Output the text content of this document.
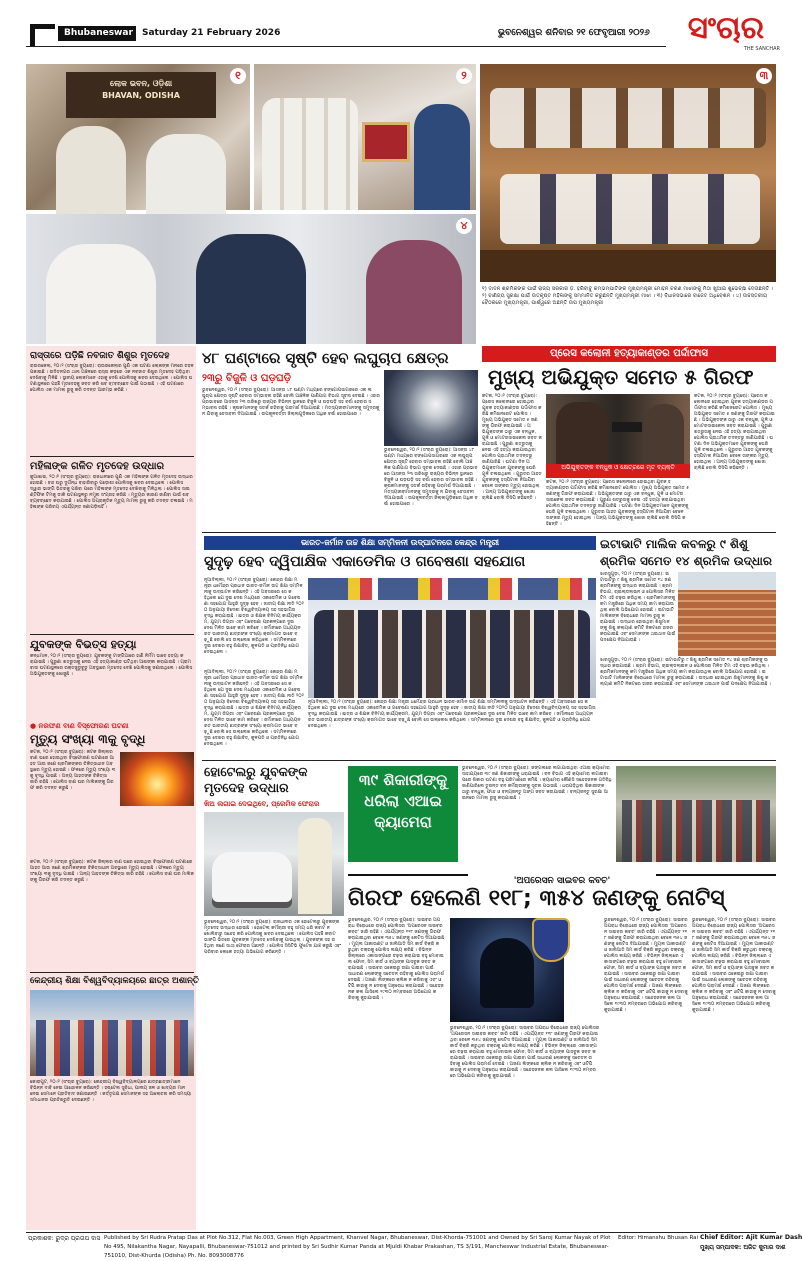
Bhubaneswar	Saturday 21 February 2026	ଭୁବନେଶ୍ୱର ଶନିବାର ୨୧ ଫେବୃଆରୀ ୨୦୨୬	ସଂଚାର
THE SANCHAR
ଲୋକ ଭବନ, ଓଡ଼ିଶା
BHAVAN, ODISHA
୧	୨	୩
୪
୧) ଦାଦନ ଶ୍ରମିକଙ୍କ ପାଇଁ ରାଜ୍ୟ ସରକାର ଡ଼. ହରିବାବୁ କମ୍ଭମ୍ପାତିଙ୍କ ମୁଖ୍ୟମନ୍ତ୍ରୀ ମୋହନ ଚରଣ ମାଝୀଙ୍କୁ ମିଠା ଖୁଆଇ ଶୁଭେଚ୍ଛା ଦେଉଛନ୍ତି । ୨) ବାଣିଜ୍ୟ ସୁରକ୍ଷା ପାଇଁ ଉତ୍କୃଷ୍ଟ ମହିଳାଙ୍କୁ ସମ୍ମାନିତ କରୁଛନ୍ତି ମୁଖ୍ୟମନ୍ତ୍ରୀ ମାଝୀ । ୩) ବିଧାନସଭାରେ ବାଜେଟ ଅଧିବେଶନ । ୪) ଉଚ୍ଚସ୍ତରୀୟ ବୈଠକରେ ମୁଖ୍ୟମନ୍ତ୍ରୀ, ପାର୍ଶ୍ୱରେ ଅଛନ୍ତି ଉପ ମୁଖ୍ୟମନ୍ତ୍ରୀ
ରାସ୍ତାରେ ପଡ଼ିଛି ନବଜାତ ଶିଶୁର ମୃତଦେହ
ରାଉରକେଲା, ୨୦।୨ (ସଂଚାର ବ୍ୟୁରୋ): ରାଉରକେଲାର ପୁଣି ଏକ ଘଟଣା ଲୋକଙ୍କ ମନରେ ଚହଳ ପକାଇଛି । ଉଦିତନଗର ଥାନା ଅଞ୍ଚଳରେ ରାସ୍ତା କଡ଼ରେ ଏକ ନବଜାତ ଶିଶୁର ମୃତଦେହ ପଡ଼ିଥିବା ଦେଖିବାକୁ ମିଳିଛି । ସ୍ଥାନୀୟ ଲୋକମାନେ ଏହାକୁ ଦେଖି ପୋଲିସକୁ ଖବର ଦେଇଥିଲେ । ପୋଲିସ ଘଟଣାସ୍ଥଳରେ ପହଞ୍ଚି ମୃତଦେହକୁ ଜବତ କରି ଶବ ବ୍୯ବଚ୍ଛେଦ ପାଇଁ ପଠାଇଛି । ଏହି ଘଟଣାରେ ପୋଲିସ ଏକ ମାମଲା ରୁଜୁ କରି ତଦନ୍ତ ଆରମ୍ଭ କରିଛି ।
ମହିଳାଙ୍କ ଗଳିତ ମୃତଦେହ ଉଦ୍ଧାର
କୁଆଖାଇ, ୨୦।୨ (ସଂଚାର ବ୍ୟୁରୋ): ରାଜଧାନୀରେ ପୁଣି ଏକ ମହିଳାଙ୍କ ଗଳିତ ମୃତଦେହ ଉଦ୍ଧାର ହୋଇଛି । ବନ୍ଦ ଘରୁ ଦୁର୍ଗନ୍ଧ ବାହାରିବାରୁ ପଡ଼ୋଶୀ ପୋଲିସକୁ ଖବର ଦେଇଥିଲେ । ପୋଲିସ ଦ୍ୱାର ଭାଙ୍ଗି ଭିତରକୁ ପଶିବା ପରେ ମହିଳାଙ୍କ ମୃତଦେହ ଦେଖିବାକୁ ମିଳିଥିଲା । ପୋଲିସ ସାଇଣ୍ଟିଫିକ ଟିମକୁ ଡାକି ଘଟଣାସ୍ଥଳରୁ ନମୁନା ସଂଗ୍ରହ କରିଛି । ମୃତ୍ୟୁର କାରଣ ଜାଣିବା ପାଇଁ ଶବ ବ୍ୟବଚ୍ଛେଦ କରାଯାଇଛି । ପୋଲିସ ଅପ୍ରାକୃତିକ ମୃତ୍ୟୁ ମାମଲା ରୁଜୁ କରି ତଦନ୍ତ ଚଳାଇଛି । ମହିଳାଙ୍କ ପରିଚୟ ଏପର୍ଯ୍ୟନ୍ତ ଜଣାପଡ଼ିନାହିଁ ।
ଯୁବକଙ୍କ ବିଭତ୍ସ ହତ୍ୟା
କନ୍ଧମାଳ, ୨୦।୨ (ସଂଚାର ବ୍ୟୁରୋ): ଯୁବକଙ୍କୁ ଟାଙ୍ଗିଆରେ ହାଣି ନିର୍ମମ ଭାବେ ହତ୍ୟା କରାଯାଇଛି । ପୁରୁଣା ଶତ୍ରୁତାକୁ ନେଇ ଏହି ହତ୍ୟାକାଣ୍ଡ ଘଟିଥିବା ଆଶଙ୍କା କରାଯାଉଛି । ଗ୍ରାମବାସୀ ଘଟଣାସ୍ଥଳରେ ରକ୍ତଜୁଡୁବୁଡୁ ଅବସ୍ଥାରେ ମୃତଦେହ ଦେଖି ପୋଲିସକୁ ଜଣାଇଥିଲେ । ପୋଲିସ ଅଭିଯୁକ୍ତଙ୍କୁ ଖୋଜୁଛି ।
● ନରଫଣ ବାଣ ବିସ୍ଫୋରଣ ଘଟଣା
ମୃତ୍ୟୁ ସଂଖ୍ୟା ୩କୁ ବୃଦ୍ଧି
କଟକ, ୨୦।୨ (ସଂଚାର ବ୍ୟୁରୋ): କଟକ ଜିଲ୍ଲାର ବାଣ ଘରେ ହୋଇଥିବା ବିସ୍ଫୋରଣ ଘଟଣାରେ ଆହତ ଆଉ ଜଣେ ଶ୍ରମିକଙ୍କର ଚିକିତ୍ସାଧୀନ ଅବସ୍ଥାରେ ମୃତ୍ୟୁ ହୋଇଛି । ଫଳରେ ମୃତ୍ୟୁ ସଂଖ୍ୟା ୩କୁ ବୃଦ୍ଧି ପାଇଛି । ଅନ୍ୟ ଆହତଙ୍କ ଚିକିତ୍ସା ଜାରି ରହିଛି । ପୋଲିସ ବାଣ ଘର ମାଲିକଙ୍କୁ ଗିରଫ କରି ତଦନ୍ତ କରୁଛି ।
କଟକ, ୨୦।୨ (ସଂଚାର ବ୍ୟୁରୋ): କଟକ ଜିଲ୍ଲାର ବାଣ ଘରେ ହୋଇଥିବା ବିସ୍ଫୋରଣ ଘଟଣାରେ ଆହତ ଆଉ ଜଣେ ଶ୍ରମିକଙ୍କର ଚିକିତ୍ସାଧୀନ ଅବସ୍ଥାରେ ମୃତ୍ୟୁ ହୋଇଛି । ଫଳରେ ମୃତ୍ୟୁ ସଂଖ୍ୟା ୩କୁ ବୃଦ୍ଧି ପାଇଛି । ଅନ୍ୟ ଆହତଙ୍କ ଚିକିତ୍ସା ଜାରି ରହିଛି । ପୋଲିସ ବାଣ ଘର ମାଲିକଙ୍କୁ ଗିରଫ କରି ତଦନ୍ତ କରୁଛି ।
କେନ୍ଦ୍ରୀୟ ଶିକ୍ଷା ବିଶ୍ୱବିଦ୍ୟାଳୟରେ ଛାତ୍ର ଅଶାନ୍ତି
କୋରାପୁଟ, ୨୦।୨ (ସଂଚାର ବ୍ୟୁରୋ): କେନ୍ଦ୍ରୀୟ ବିଶ୍ୱବିଦ୍ୟାଳୟରେ ଛାତ୍ରଛାତ୍ରୀମାନେ ବିଭିନ୍ନ ଦାବି ନେଇ ଆନ୍ଦୋଳନ କରିଛନ୍ତି । ହଷ୍ଟେଲ ସୁବିଧା, ପାନୀୟ ଜଳ ଓ ଖାଦ୍ୟର ମାନ ନେଇ ସେମାନେ ପ୍ରତିବାଦ ଜଣାଇଛନ୍ତି । କର୍ତ୍ତୃପକ୍ଷ ସେମାନଙ୍କ ସହ ଆଲୋଚନା କରି ସମସ୍ୟା ସମାଧାନର ପ୍ରତିଶ୍ରୁତି ଦେଇଛନ୍ତି ।
୪୮ ଘଣ୍ଟାରେ ସୃଷ୍ଟି ହେବ ଲଘୁଚାପ କ୍ଷେତ୍ର
୨୩ରୁ ବିଜୁଳି ଓ ଘଡ଼ଘଡ଼ି
ଭୁବନେଶ୍ୱର, ୨୦।୨ (ସଂଚାର ବ୍ୟୁରୋ): ଆସନ୍ତା ୪୮ ଘଣ୍ଟା ମଧ୍ୟରେ ବଙ୍ଗୋପସାଗରରେ ଏକ ଲଘୁଚାପ କ୍ଷେତ୍ର ସୃଷ୍ଟି ହେବାର ସମ୍ଭାବନା ରହିଛି ବୋଲି ଆଞ୍ଚଳିକ ପାଣିପାଗ ବିଭାଗ ସୂଚନା ଦେଇଛି । ଏହାର ପ୍ରଭାବରେ ଆସନ୍ତା ୨୩ ତାରିଖରୁ ରାଜ୍ୟର ବିଭିନ୍ନ ସ୍ଥାନରେ ବିଜୁଳି ଓ ଘଡ଼ଘଡ଼ି ସହ ବର୍ଷା ହେବାର ସମ୍ଭାବନା ରହିଛି । କୃଷକମାନଙ୍କୁ ସତର୍କ ରହିବାକୁ ପରାମର୍ଶ ଦିଆଯାଇଛି । ମତ୍ସ୍ୟଜୀବୀମାନଙ୍କୁ ସମୁଦ୍ରକୁ ନ ଯିବାକୁ ଚେତାବନୀ ଦିଆଯାଇଛି । ଉପକୂଳବର୍ତ୍ତୀ ଜିଲ୍ଲାଗୁଡ଼ିକରେ ଅଧିକ ବର୍ଷା ହୋଇପାରେ ।
ଭୁବନେଶ୍ୱର, ୨୦।୨ (ସଂଚାର ବ୍ୟୁରୋ): ଆସନ୍ତା ୪୮ ଘଣ୍ଟା ମଧ୍ୟରେ ବଙ୍ଗୋପସାଗରରେ ଏକ ଲଘୁଚାପ କ୍ଷେତ୍ର ସୃଷ୍ଟି ହେବାର ସମ୍ଭାବନା ରହିଛି ବୋଲି ଆଞ୍ଚଳିକ ପାଣିପାଗ ବିଭାଗ ସୂଚନା ଦେଇଛି । ଏହାର ପ୍ରଭାବରେ ଆସନ୍ତା ୨୩ ତାରିଖରୁ ରାଜ୍ୟର ବିଭିନ୍ନ ସ୍ଥାନରେ ବିଜୁଳି ଓ ଘଡ଼ଘଡ଼ି ସହ ବର୍ଷା ହେବାର ସମ୍ଭାବନା ରହିଛି । କୃଷକମାନଙ୍କୁ ସତର୍କ ରହିବାକୁ ପରାମର୍ଶ ଦିଆଯାଇଛି । ମତ୍ସ୍ୟଜୀବୀମାନଙ୍କୁ ସମୁଦ୍ରକୁ ନ ଯିବାକୁ ଚେତାବନୀ ଦିଆଯାଇଛି । ଉପକୂଳବର୍ତ୍ତୀ ଜିଲ୍ଲାଗୁଡ଼ିକରେ ଅଧିକ ବର୍ଷା ହୋଇପାରେ ।
ପ୍ରେସ କଲୋନୀ ହତ୍ୟାକାଣ୍ଡର ପର୍ଦ୍ଦାଫାସ
ମୁଖ୍ୟ ଅଭିଯୁକ୍ତ ସମେତ ୫ ଗିରଫ
କଟକ, ୨୦।୨ (ସଂଚାର ବ୍ୟୁରୋ): ପ୍ରେସ କଲୋନୀରେ ହୋଇଥିବା ଯୁବକ ହତ୍ୟାକାଣ୍ଡର ପର୍ଦ୍ଦାଫାସ କରିଛି କମିଶନରେଟ ପୋଲିସ । ମୁଖ୍ୟ ଅଭିଯୁକ୍ତ ସମେତ ୫ ଜଣଙ୍କୁ ଗିରଫ କରାଯାଇଛି । ଅଭିଯୁକ୍ତଙ୍କ ଠାରୁ ଏକ ବନ୍ଧୁକ, ଗୁଳି ଓ ମୋଟରସାଇକେଲ ଜବତ କରାଯାଇଛି । ପୁରୁଣା ଶତ୍ରୁତାକୁ ନେଇ ଏହି ହତ୍ୟା କରାଯାଇଥିବା ପୋଲିସ ପ୍ରାଥମିକ ତଦନ୍ତରୁ ଜାଣିପାରିଛି । ଘଟଣା ଦିନ ଅଭିଯୁକ୍ତମାନେ ଯୁବକଙ୍କୁ ଘେରି ଗୁଳି ଚଳାଇଥିଲେ । ଗୁରୁତର ଆହତ ଯୁବକଙ୍କୁ ହସ୍ପିଟାଲ ନିଆଯିବା ବେଳେ ତାଙ୍କର ମୃତ୍ୟୁ ହୋଇଥିଲା । ଅନ୍ୟ ଅଭିଯୁକ୍ତଙ୍କୁ ଖୋଜା ଚାଲିଛି ବୋଲି ଡିସିପି କହିଛନ୍ତି ।
ଅଭିଯୁକ୍ତଙ୍କ ବନ୍ଧୁକ ଓ କ୍ଷେତ୍ରରେ ମୃତ ବ୍ୟକ୍ତି
କଟକ, ୨୦।୨ (ସଂଚାର ବ୍ୟୁରୋ): ପ୍ରେସ କଲୋନୀରେ ହୋଇଥିବା ଯୁବକ ହତ୍ୟାକାଣ୍ଡର ପର୍ଦ୍ଦାଫାସ କରିଛି କମିଶନରେଟ ପୋଲିସ । ମୁଖ୍ୟ ଅଭିଯୁକ୍ତ ସମେତ ୫ ଜଣଙ୍କୁ ଗିରଫ କରାଯାଇଛି । ଅଭିଯୁକ୍ତଙ୍କ ଠାରୁ ଏକ ବନ୍ଧୁକ, ଗୁଳି ଓ ମୋଟରସାଇକେଲ ଜବତ କରାଯାଇଛି । ପୁରୁଣା ଶତ୍ରୁତାକୁ ନେଇ ଏହି ହତ୍ୟା କରାଯାଇଥିବା ପୋଲିସ ପ୍ରାଥମିକ ତଦନ୍ତରୁ ଜାଣିପାରିଛି । ଘଟଣା ଦିନ ଅଭିଯୁକ୍ତମାନେ ଯୁବକଙ୍କୁ ଘେରି ଗୁଳି ଚଳାଇଥିଲେ । ଗୁରୁତର ଆହତ ଯୁବକଙ୍କୁ ହସ୍ପିଟାଲ ନିଆଯିବା ବେଳେ ତାଙ୍କର ମୃତ୍ୟୁ ହୋଇଥିଲା । ଅନ୍ୟ ଅଭିଯୁକ୍ତଙ୍କୁ ଖୋଜା ଚାଲିଛି ବୋଲି ଡିସିପି କହିଛନ୍ତି ।
କଟକ, ୨୦।୨ (ସଂଚାର ବ୍ୟୁରୋ): ପ୍ରେସ କଲୋନୀରେ ହୋଇଥିବା ଯୁବକ ହତ୍ୟାକାଣ୍ଡର ପର୍ଦ୍ଦାଫାସ କରିଛି କମିଶନରେଟ ପୋଲିସ । ମୁଖ୍ୟ ଅଭିଯୁକ୍ତ ସମେତ ୫ ଜଣଙ୍କୁ ଗିରଫ କରାଯାଇଛି । ଅଭିଯୁକ୍ତଙ୍କ ଠାରୁ ଏକ ବନ୍ଧୁକ, ଗୁଳି ଓ ମୋଟରସାଇକେଲ ଜବତ କରାଯାଇଛି । ପୁରୁଣା ଶତ୍ରୁତାକୁ ନେଇ ଏହି ହତ୍ୟା କରାଯାଇଥିବା ପୋଲିସ ପ୍ରାଥମିକ ତଦନ୍ତରୁ ଜାଣିପାରିଛି । ଘଟଣା ଦିନ ଅଭିଯୁକ୍ତମାନେ ଯୁବକଙ୍କୁ ଘେରି ଗୁଳି ଚଳାଇଥିଲେ । ଗୁରୁତର ଆହତ ଯୁବକଙ୍କୁ ହସ୍ପିଟାଲ ନିଆଯିବା ବେଳେ ତାଙ୍କର ମୃତ୍ୟୁ ହୋଇଥିଲା । ଅନ୍ୟ ଅଭିଯୁକ୍ତଙ୍କୁ ଖୋଜା ଚାଲିଛି ବୋଲି ଡିସିପି କହିଛନ୍ତି ।
ଭାରତ-ଜର୍ମାନ ଉଚ୍ଚ ଶିକ୍ଷା ସମ୍ମିଳନୀ ଉଦ୍‌ଘାଟନରେ କେନ୍ଦ୍ର ମନ୍ତ୍ରୀ
ସୁଦୃଢ଼ ହେବ ଦ୍ୱିପାକ୍ଷିକ ଏକାଡେମିକ ଓ ଗବେଷଣା ସହଯୋଗ
ନୂଆଦିଲ୍ଲୀ, ୨୦।୨ (ସଂଚାର ବ୍ୟୁରୋ): କେନ୍ଦ୍ର ଶିକ୍ଷା ମନ୍ତ୍ରୀ ଧର୍ମେନ୍ଦ୍ର ପ୍ରଧାନ ଭାରତ-ଜର୍ମାନ ଉଚ୍ଚ ଶିକ୍ଷା ସମ୍ମିଳନୀକୁ ଉଦ୍‌ଘାଟନ କରିଛନ୍ତି । ଏହି ଅବସରରେ ସେ କହିଥିଲେ ଯେ ଦୁଇ ଦେଶ ମଧ୍ୟରେ ଏକାଡେମିକ ଓ ଗବେଷଣା ସହଯୋଗ ଆହୁରି ସୁଦୃଢ଼ ହେବ । ଜାତୀୟ ଶିକ୍ଷା ନୀତି ୨୦୨୦ ଅନୁଯାୟୀ ବିଦେଶୀ ବିଶ୍ୱବିଦ୍ୟାଳୟ ସହ ସହଭାଗିତା ବୃଦ୍ଧି କରାଯାଉଛି । ଛାତ୍ର ଓ ଶିକ୍ଷକ ବିନିମୟ କାର୍ଯ୍ୟକ୍ରମ, ଯୁଗ୍ମ ଡିଗ୍ରୀ ଏବଂ ଗବେଷଣା ପ୍ରକଳ୍ପରେ ଦୁଇ ଦେଶ ମିଳିତ ଭାବେ କାମ କରିବେ । ଜର୍ମାନୀରେ ଅଧ୍ୟୟନରତ ଭାରତୀୟ ଛାତ୍ରଙ୍କ ସଂଖ୍ୟା କ୍ରମାଗତ ଭାବେ ବଢ଼ୁଛି ବୋଲି ସେ ଉଲ୍ଲେଖ କରିଥିଲେ । ସମ୍ମିଳନୀରେ ଦୁଇ ଦେଶର ବହୁ ଶିକ୍ଷାବିତ୍, କୁଳପତି ଓ ପ୍ରତିନିଧି ଯୋଗ ଦେଇଥିଲେ ।
ନୂଆଦିଲ୍ଲୀ, ୨୦।୨ (ସଂଚାର ବ୍ୟୁରୋ): କେନ୍ଦ୍ର ଶିକ୍ଷା ମନ୍ତ୍ରୀ ଧର୍ମେନ୍ଦ୍ର ପ୍ରଧାନ ଭାରତ-ଜର୍ମାନ ଉଚ୍ଚ ଶିକ୍ଷା ସମ୍ମିଳନୀକୁ ଉଦ୍‌ଘାଟନ କରିଛନ୍ତି । ଏହି ଅବସରରେ ସେ କହିଥିଲେ ଯେ ଦୁଇ ଦେଶ ମଧ୍ୟରେ ଏକାଡେମିକ ଓ ଗବେଷଣା ସହଯୋଗ ଆହୁରି ସୁଦୃଢ଼ ହେବ । ଜାତୀୟ ଶିକ୍ଷା ନୀତି ୨୦୨୦ ଅନୁଯାୟୀ ବିଦେଶୀ ବିଶ୍ୱବିଦ୍ୟାଳୟ ସହ ସହଭାଗିତା ବୃଦ୍ଧି କରାଯାଉଛି । ଛାତ୍ର ଓ ଶିକ୍ଷକ ବିନିମୟ କାର୍ଯ୍ୟକ୍ରମ, ଯୁଗ୍ମ ଡିଗ୍ରୀ ଏବଂ ଗବେଷଣା ପ୍ରକଳ୍ପରେ ଦୁଇ ଦେଶ ମିଳିତ ଭାବେ କାମ କରିବେ । ଜର୍ମାନୀରେ ଅଧ୍ୟୟନରତ ଭାରତୀୟ ଛାତ୍ରଙ୍କ ସଂଖ୍ୟା କ୍ରମାଗତ ଭାବେ ବଢ଼ୁଛି ବୋଲି ସେ ଉଲ୍ଲେଖ କରିଥିଲେ । ସମ୍ମିଳନୀରେ ଦୁଇ ଦେଶର ବହୁ ଶିକ୍ଷାବିତ୍, କୁଳପତି ଓ ପ୍ରତିନିଧି ଯୋଗ ଦେଇଥିଲେ ।
ନୂଆଦିଲ୍ଲୀ, ୨୦।୨ (ସଂଚାର ବ୍ୟୁରୋ): କେନ୍ଦ୍ର ଶିକ୍ଷା ମନ୍ତ୍ରୀ ଧର୍ମେନ୍ଦ୍ର ପ୍ରଧାନ ଭାରତ-ଜର୍ମାନ ଉଚ୍ଚ ଶିକ୍ଷା ସମ୍ମିଳନୀକୁ ଉଦ୍‌ଘାଟନ କରିଛନ୍ତି । ଏହି ଅବସରରେ ସେ କହିଥିଲେ ଯେ ଦୁଇ ଦେଶ ମଧ୍ୟରେ ଏକାଡେମିକ ଓ ଗବେଷଣା ସହଯୋଗ ଆହୁରି ସୁଦୃଢ଼ ହେବ । ଜାତୀୟ ଶିକ୍ଷା ନୀତି ୨୦୨୦ ଅନୁଯାୟୀ ବିଦେଶୀ ବିଶ୍ୱବିଦ୍ୟାଳୟ ସହ ସହଭାଗିତା ବୃଦ୍ଧି କରାଯାଉଛି । ଛାତ୍ର ଓ ଶିକ୍ଷକ ବିନିମୟ କାର୍ଯ୍ୟକ୍ରମ, ଯୁଗ୍ମ ଡିଗ୍ରୀ ଏବଂ ଗବେଷଣା ପ୍ରକଳ୍ପରେ ଦୁଇ ଦେଶ ମିଳିତ ଭାବେ କାମ କରିବେ । ଜର୍ମାନୀରେ ଅଧ୍ୟୟନରତ ଭାରତୀୟ ଛାତ୍ରଙ୍କ ସଂଖ୍ୟା କ୍ରମାଗତ ଭାବେ ବଢ଼ୁଛି ବୋଲି ସେ ଉଲ୍ଲେଖ କରିଥିଲେ । ସମ୍ମିଳନୀରେ ଦୁଇ ଦେଶର ବହୁ ଶିକ୍ଷାବିତ୍, କୁଳପତି ଓ ପ୍ରତିନିଧି ଯୋଗ ଦେଇଥିଲେ ।
ଇଟାଭାଟି ମାଲିକ କବଳରୁ ୯ ଶିଶୁ
ଶ୍ରମିକ ସମେତ ୧୪ ଶ୍ରମିକ ଉଦ୍ଧାର
ଝାରସୁଗୁଡ଼ା, ୨୦।୨ (ସଂଚାର ବ୍ୟୁରୋ): ଇଟାଭାଟିରୁ ୯ ଶିଶୁ ଶ୍ରମିକ ସମେତ ୧୪ ଜଣ ଶ୍ରମିକଙ୍କୁ ଉଦ୍ଧାର କରାଯାଇଛି । ଶ୍ରମ ବିଭାଗ, ଚାଇଲ୍ଡଲାଇନ ଓ ପୋଲିସର ମିଳିତ ଟିମ ଏହି ଚଢ଼ଉ କରିଥିଲା । ଶ୍ରମିକମାନଙ୍କୁ କମ ମଜୁରିରେ ଅଧିକ ସମୟ କାମ କରାଯାଉଥିଲା ବୋଲି ଅଭିଯୋଗ ହୋଇଛି । ଇଟାଭାଟି ମାଲିକଙ୍କ ବିରୋଧରେ ମାମଲା ରୁଜୁ କରାଯାଇଛି । ଉଦ୍ଧାର ହୋଇଥିବା ଶିଶୁମାନଙ୍କୁ ଶିଶୁ କଲ୍ୟାଣ କମିଟି ନିକଟରେ ହାଜର କରାଯାଇଛି ଏବଂ ସେମାନଙ୍କ ଥଇଥାନ ପାଇଁ ପଦକ୍ଷେପ ନିଆଯାଉଛି ।
ଝାରସୁଗୁଡ଼ା, ୨୦।୨ (ସଂଚାର ବ୍ୟୁରୋ): ଇଟାଭାଟିରୁ ୯ ଶିଶୁ ଶ୍ରମିକ ସମେତ ୧୪ ଜଣ ଶ୍ରମିକଙ୍କୁ ଉଦ୍ଧାର କରାଯାଇଛି । ଶ୍ରମ ବିଭାଗ, ଚାଇଲ୍ଡଲାଇନ ଓ ପୋଲିସର ମିଳିତ ଟିମ ଏହି ଚଢ଼ଉ କରିଥିଲା । ଶ୍ରମିକମାନଙ୍କୁ କମ ମଜୁରିରେ ଅଧିକ ସମୟ କାମ କରାଯାଉଥିଲା ବୋଲି ଅଭିଯୋଗ ହୋଇଛି । ଇଟାଭାଟି ମାଲିକଙ୍କ ବିରୋଧରେ ମାମଲା ରୁଜୁ କରାଯାଇଛି । ଉଦ୍ଧାର ହୋଇଥିବା ଶିଶୁମାନଙ୍କୁ ଶିଶୁ କଲ୍ୟାଣ କମିଟି ନିକଟରେ ହାଜର କରାଯାଇଛି ଏବଂ ସେମାନଙ୍କ ଥଇଥାନ ପାଇଁ ପଦକ୍ଷେପ ନିଆଯାଉଛି ।
ହୋଟେଲରୁ ଯୁବକଙ୍କ ମୃତଦେହ ଉଦ୍ଧାର
ଖିଅ ଲଗାଇ ଦେଇଥିବେ, ପ୍ରେମିକ ଫେରାର
ଭୁବନେଶ୍ୱର, ୨୦।୨ (ସଂଚାର ବ୍ୟୁରୋ): ରାଜଧାନୀର ଏକ ହୋଟେଲରୁ ଯୁବକଙ୍କ ମୃତଦେହ ଉଦ୍ଧାର ହୋଇଛି । ହୋଟେଲ କର୍ମଚାରୀ ବହୁ ସମୟ ଧରି କବାଟ ନ ଖୋଲିବାରୁ ସନ୍ଦେହ କରି ପୋଲିସକୁ ଖବର ଦେଇଥିଲେ । ପୋଲିସ ପହଞ୍ଚି କବାଟ ଭାଙ୍ଗି ଭିତରେ ଯୁବକଙ୍କ ମୃତଦେହ ଦେଖିବାକୁ ପାଇଥିଲା । ଯୁବକଙ୍କ ସହ ରହିଥିବା ଜଣେ ସାଥୀ ଫେରାର ଅଛନ୍ତି । ପୋଲିସ ସିସିଟିଭି ଫୁଟେଜ ଯାଞ୍ଚ କରୁଛି ଏବଂ ପରିବାର ଲୋକେ ହତ୍ୟା ଅଭିଯୋଗ କରିଛନ୍ତି ।
୩୯ ଶିକାରୀଙ୍କୁ ଧରିଲା ଏଆଇ କ୍ୟାମେରା
ଭୁବନେଶ୍ୱର, ୨୦।୨ (ସଂଚାର ବ୍ୟୁରୋ): ଜଙ୍ଗଲରେ ଲଗାଯାଇଥିବା ଏଆଇ କ୍ୟାମେରା ସାହାଯ୍ୟରେ ୩୯ ଜଣ ଶିକାରୀଙ୍କୁ ଧରାଯାଇଛି । ବନ ବିଭାଗ ଏହି କ୍ୟାମେରା ଲଗାଇବା ପରେ ଶିକାର ଘଟଣା ବହୁ ପରିମାଣରେ କମିଛି । କ୍ୟାମେରା କୌଣସି ସନ୍ଦେହଜନକ ଗତିବିଧି ଜାଣିପାରିଲେ ତୁରନ୍ତ ବନ କର୍ମଚାରୀଙ୍କୁ ସୂଚନା ପଠାଉଛି । ଧରାପଡ଼ିଥିବା ଶିକାରୀଙ୍କ ଠାରୁ ବନ୍ଧୁକ, ଫାନ୍ଦ ଓ ବନ୍ୟଜନ୍ତୁ ଅଙ୍ଗ ଜବତ କରାଯାଇଛି । ବନ୍ୟଜନ୍ତୁ ସୁରକ୍ଷା ଆଇନରେ ମାମଲା ରୁଜୁ କରାଯାଇଛି ।
'ଅପରେସନ ସାଇବର କବଚ'
ଗିରଫ ହେଲେଣି ୧୧୮; ୩୫୪ ଜଣଙ୍କୁ ନୋଟିସ୍
ଭୁବନେଶ୍ୱର, ୨୦।୨ (ସଂଚାର ବ୍ୟୁରୋ): ସାଇବର ଅପରାଧ ବିରୋଧରେ ରାଜ୍ୟ ପୋଲିସର 'ଅପରେସନ ସାଇବର କବଚ' ଜାରି ରହିଛି । ଏପର୍ଯ୍ୟନ୍ତ ୧୧୮ ଜଣଙ୍କୁ ଗିରଫ କରାଯାଇଥିବା ବେଳେ ୩୫୪ ଜଣଙ୍କୁ ନୋଟିସ ଦିଆଯାଇଛି । ମ୍ୟୁଲ ଆକାଉଣ୍ଟ ଓ ଜାଲିଆତି ସିମ କାର୍ଡ ବିକ୍ରି କରୁଥିବା ଚକ୍ରକୁ ପୋଲିସ ଲକ୍ଷ୍ୟ କରିଛି । ବିଭିନ୍ନ ଜିଲ୍ଲାରେ ଏକାସାଙ୍ଗରେ ଚଢ଼ଉ କରାଯାଇ ବହୁ ମୋବାଇଲ ଫୋନ, ସିମ କାର୍ଡ ଓ ବ୍ୟାଙ୍କ ପାସବୁକ ଜବତ କରାଯାଇଛି । ସାଇବର ଠକେଇରୁ ରକ୍ଷା ପାଇବା ପାଇଁ ସାଧାରଣ ଲୋକଙ୍କୁ ସଚେତନ ରହିବାକୁ ପୋଲିସ ପରାମର୍ଶ ଦେଇଛି । ଅଜଣା ଲିଙ୍କରେ କ୍ଲିକ ନ କରିବାକୁ ଏବଂ ଓଟିପି କାହାକୁ ନ ଦେବାକୁ ଅନୁରୋଧ କରାଯାଇଛି । ସନ୍ଦେହଜନକ କଲ ଆସିଲେ ୧୯୩୦ ନମ୍ବରରେ ଅଭିଯୋଗ କରିବାକୁ କୁହାଯାଇଛି ।
ଭୁବନେଶ୍ୱର, ୨୦।୨ (ସଂଚାର ବ୍ୟୁରୋ): ସାଇବର ଅପରାଧ ବିରୋଧରେ ରାଜ୍ୟ ପୋଲିସର 'ଅପରେସନ ସାଇବର କବଚ' ଜାରି ରହିଛି । ଏପର୍ଯ୍ୟନ୍ତ ୧୧୮ ଜଣଙ୍କୁ ଗିରଫ କରାଯାଇଥିବା ବେଳେ ୩୫୪ ଜଣଙ୍କୁ ନୋଟିସ ଦିଆଯାଇଛି । ମ୍ୟୁଲ ଆକାଉଣ୍ଟ ଓ ଜାଲିଆତି ସିମ କାର୍ଡ ବିକ୍ରି କରୁଥିବା ଚକ୍ରକୁ ପୋଲିସ ଲକ୍ଷ୍ୟ କରିଛି । ବିଭିନ୍ନ ଜିଲ୍ଲାରେ ଏକାସାଙ୍ଗରେ ଚଢ଼ଉ କରାଯାଇ ବହୁ ମୋବାଇଲ ଫୋନ, ସିମ କାର୍ଡ ଓ ବ୍ୟାଙ୍କ ପାସବୁକ ଜବତ କରାଯାଇଛି । ସାଇବର ଠକେଇରୁ ରକ୍ଷା ପାଇବା ପାଇଁ ସାଧାରଣ ଲୋକଙ୍କୁ ସଚେତନ ରହିବାକୁ ପୋଲିସ ପରାମର୍ଶ ଦେଇଛି । ଅଜଣା ଲିଙ୍କରେ କ୍ଲିକ ନ କରିବାକୁ ଏବଂ ଓଟିପି କାହାକୁ ନ ଦେବାକୁ ଅନୁରୋଧ କରାଯାଇଛି । ସନ୍ଦେହଜନକ କଲ ଆସିଲେ ୧୯୩୦ ନମ୍ବରରେ ଅଭିଯୋଗ କରିବାକୁ କୁହାଯାଇଛି ।
ଭୁବନେଶ୍ୱର, ୨୦।୨ (ସଂଚାର ବ୍ୟୁରୋ): ସାଇବର ଅପରାଧ ବିରୋଧରେ ରାଜ୍ୟ ପୋଲିସର 'ଅପରେସନ ସାଇବର କବଚ' ଜାରି ରହିଛି । ଏପର୍ଯ୍ୟନ୍ତ ୧୧୮ ଜଣଙ୍କୁ ଗିରଫ କରାଯାଇଥିବା ବେଳେ ୩୫୪ ଜଣଙ୍କୁ ନୋଟିସ ଦିଆଯାଇଛି । ମ୍ୟୁଲ ଆକାଉଣ୍ଟ ଓ ଜାଲିଆତି ସିମ କାର୍ଡ ବିକ୍ରି କରୁଥିବା ଚକ୍ରକୁ ପୋଲିସ ଲକ୍ଷ୍ୟ କରିଛି । ବିଭିନ୍ନ ଜିଲ୍ଲାରେ ଏକାସାଙ୍ଗରେ ଚଢ଼ଉ କରାଯାଇ ବହୁ ମୋବାଇଲ ଫୋନ, ସିମ କାର୍ଡ ଓ ବ୍ୟାଙ୍କ ପାସବୁକ ଜବତ କରାଯାଇଛି । ସାଇବର ଠକେଇରୁ ରକ୍ଷା ପାଇବା ପାଇଁ ସାଧାରଣ ଲୋକଙ୍କୁ ସଚେତନ ରହିବାକୁ ପୋଲିସ ପରାମର୍ଶ ଦେଇଛି । ଅଜଣା ଲିଙ୍କରେ କ୍ଲିକ ନ କରିବାକୁ ଏବଂ ଓଟିପି କାହାକୁ ନ ଦେବାକୁ ଅନୁରୋଧ କରାଯାଇଛି । ସନ୍ଦେହଜନକ କଲ ଆସିଲେ ୧୯୩୦ ନମ୍ବରରେ ଅଭିଯୋଗ କରିବାକୁ କୁହାଯାଇଛି ।
ଭୁବନେଶ୍ୱର, ୨୦।୨ (ସଂଚାର ବ୍ୟୁରୋ): ସାଇବର ଅପରାଧ ବିରୋଧରେ ରାଜ୍ୟ ପୋଲିସର 'ଅପରେସନ ସାଇବର କବଚ' ଜାରି ରହିଛି । ଏପର୍ଯ୍ୟନ୍ତ ୧୧୮ ଜଣଙ୍କୁ ଗିରଫ କରାଯାଇଥିବା ବେଳେ ୩୫୪ ଜଣଙ୍କୁ ନୋଟିସ ଦିଆଯାଇଛି । ମ୍ୟୁଲ ଆକାଉଣ୍ଟ ଓ ଜାଲିଆତି ସିମ କାର୍ଡ ବିକ୍ରି କରୁଥିବା ଚକ୍ରକୁ ପୋଲିସ ଲକ୍ଷ୍ୟ କରିଛି । ବିଭିନ୍ନ ଜିଲ୍ଲାରେ ଏକାସାଙ୍ଗରେ ଚଢ଼ଉ କରାଯାଇ ବହୁ ମୋବାଇଲ ଫୋନ, ସିମ କାର୍ଡ ଓ ବ୍ୟାଙ୍କ ପାସବୁକ ଜବତ କରାଯାଇଛି । ସାଇବର ଠକେଇରୁ ରକ୍ଷା ପାଇବା ପାଇଁ ସାଧାରଣ ଲୋକଙ୍କୁ ସଚେତନ ରହିବାକୁ ପୋଲିସ ପରାମର୍ଶ ଦେଇଛି । ଅଜଣା ଲିଙ୍କରେ କ୍ଲିକ ନ କରିବାକୁ ଏବଂ ଓଟିପି କାହାକୁ ନ ଦେବାକୁ ଅନୁରୋଧ କରାଯାଇଛି । ସନ୍ଦେହଜନକ କଲ ଆସିଲେ ୧୯୩୦ ନମ୍ବରରେ ଅଭିଯୋଗ କରିବାକୁ କୁହାଯାଇଛି ।
ପ୍ରକାଶକ: ରୁଦ୍ର ପ୍ରତାପ ଦାସ Published by Sri Rudra Pratap Das at Plot No.312, Flat No.003, Green High Appartment, Khanvel Nagar, Bhubaneswar, Dist-Khorda-751001 and Owned by Sri Saroj Kumar Nayak of Plot No 495, Nilakantha Nagar, Nayapalli, Bhubaneswar-751012 and printed by Sri Sudhir Kumar Panda at Mjuldi Khabar Prakashan, TS 3/191, Mancheswar Industrial Estate, Bhubaneswar-751010, Dist-Khurda (Odisha) Ph. No. 8093008776
Editor: Himanshu Bhusan Rai Chief Editor: Ajit Kumar Dash
ମୁଖ୍ୟ ସମ୍ପାଦକ: ଅଜିତ କୁମାର ଦାଶ
